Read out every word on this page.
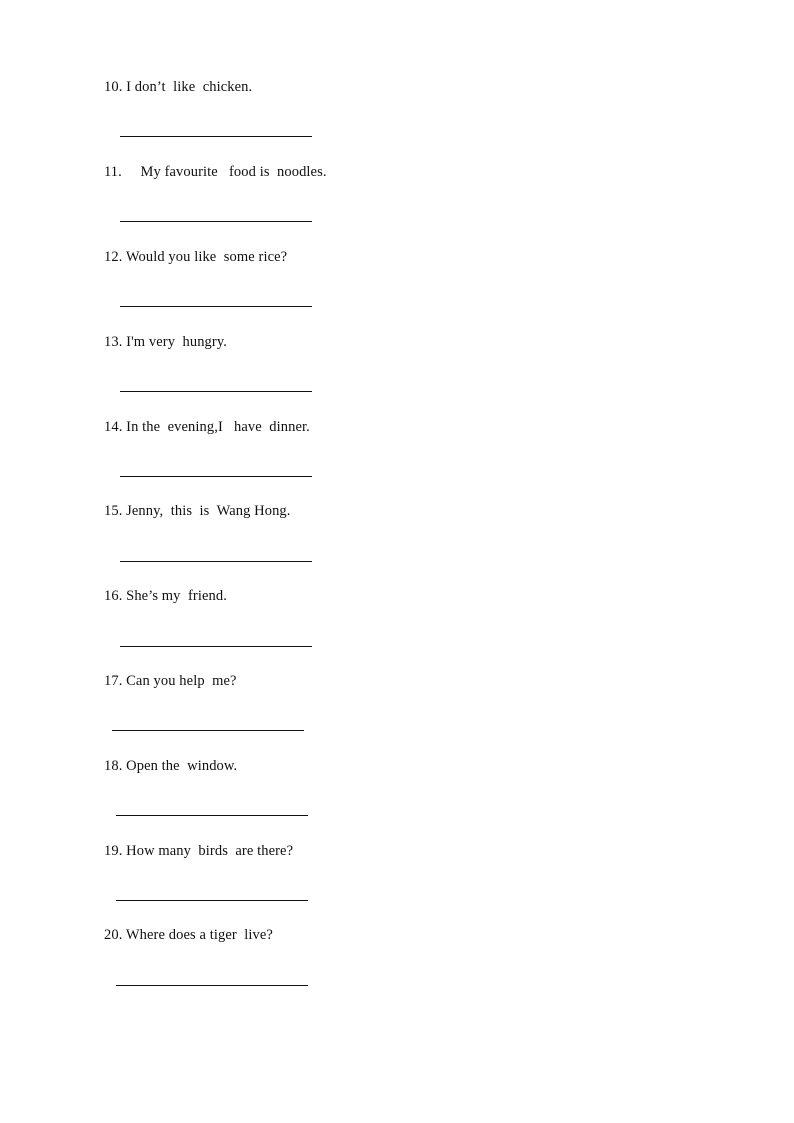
10. I don’t  like  chicken.
11.     My favourite   food is  noodles.
12. Would you like  some rice?
13. I'm very  hungry.
14. In the  evening,I   have  dinner.
15. Jenny,  this  is  Wang Hong.
16. She’s my  friend.
17. Can you help  me?
18. Open the  window.
19. How many  birds  are there?
20. Where does a tiger  live?
